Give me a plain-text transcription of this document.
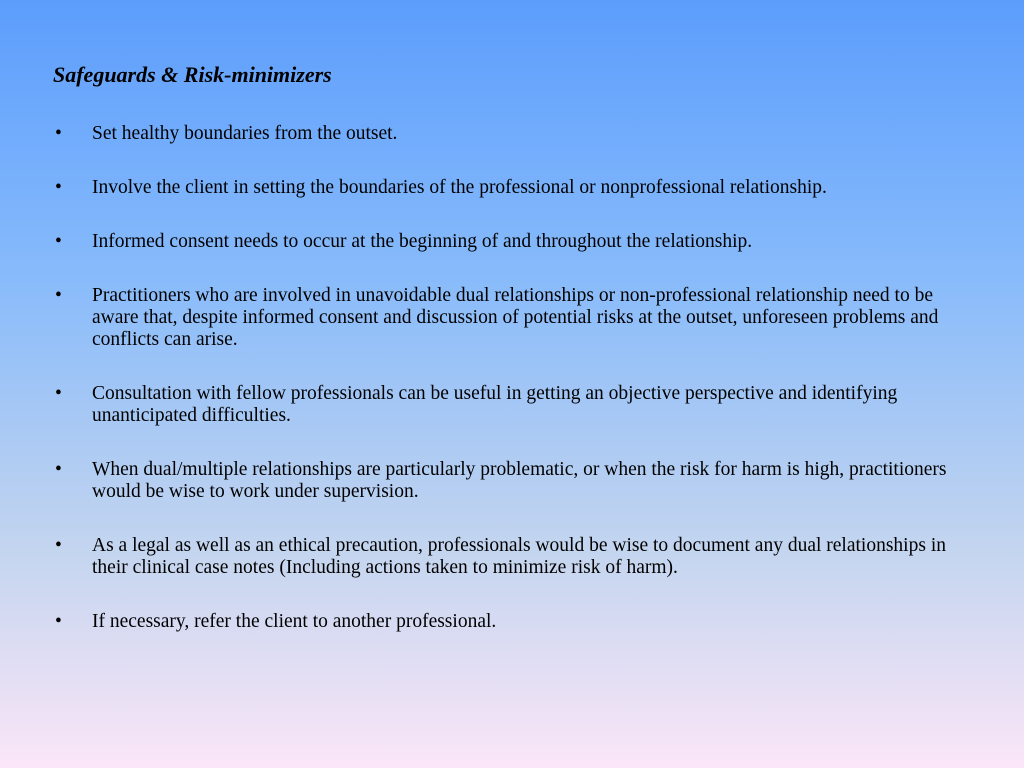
Safeguards & Risk-minimizers
• Set healthy boundaries from the outset.
• Involve the client in setting the boundaries of the professional or nonprofessional relationship.
• Informed consent needs to occur at the beginning of and throughout the relationship.
• Practitioners who are involved in unavoidable dual relationships or non-professional relationship need to be aware that, despite informed consent and discussion of potential risks at the outset, unforeseen problems and conflicts can arise.
• Consultation with fellow professionals can be useful in getting an objective perspective and identifying unanticipated difficulties.
• When dual/multiple relationships are particularly problematic, or when the risk for harm is high, practitioners would be wise to work under supervision.
• As a legal as well as an ethical precaution, professionals would be wise to document any dual relationships in their clinical case notes (Including actions taken to minimize risk of harm).
• If necessary, refer the client to another professional.
